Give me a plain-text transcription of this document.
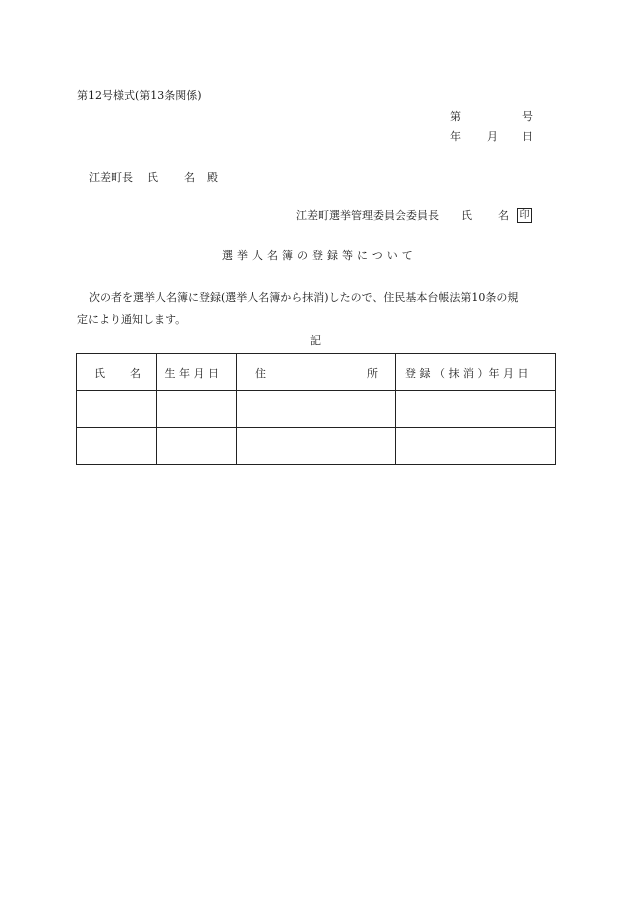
第12号様式(第13条関係)
第	号
年 月 日
江差町長 氏 名 殿
江差町選挙管理委員会委員長 氏 名 印
選挙人名簿の登録等について
次の者を選挙人名簿に登録(選挙人名簿から抹消)したので、住民基本台帳法第10条の規
定により通知します。
記
氏 名	生 年 月 日	住 所	登 録 （ 抹 消 ）年 月 日
